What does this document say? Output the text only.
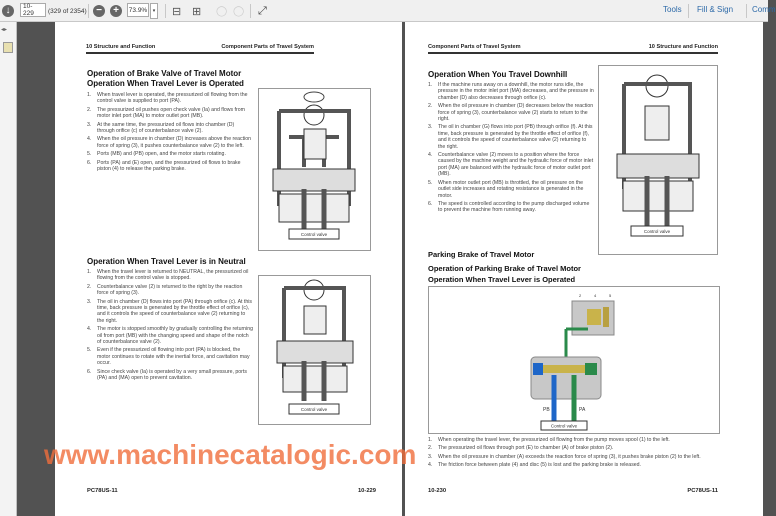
↓	10-229	(329 of 2354) −	+	73.9%	▾ ⊟ ⊞ ◯ ◯ ⤢	Tools Fill & Sign Comm
◂▸
10 Structure and Function	Component Parts of Travel System
Operation of Brake Valve of Travel Motor
Operation When Travel Lever is Operated
1.	When travel lever is operated, the pressurized oil flowing from the control valve is supplied to port (PA).
2.	The pressurized oil pushes open check valve (Ia) and flows from motor inlet port (MA) to motor outlet port (MB).
3.	At the same time, the pressurized oil flows into chamber (D) through orifice (c) of counterbalance valve (2).
4.	When the oil pressure in chamber (D) increases above the reaction force of spring (3), it pushes counterbalance valve (2) to the left.
5.	Ports (MB) and (PB) open, and the motor starts rotating.
6.	Ports (PA) and (E) open, and the pressurized oil flows to brake piston (4) to release the parking brake.
Control valve
Operation When Travel Lever is in Neutral
1.	When the travel lever is returned to NEUTRAL, the pressurized oil flowing from the control valve is stopped.
2.	Counterbalance valve (2) is returned to the right by the reaction force of spring (3).
3.	The oil in chamber (D) flows into port (PA) through orifice (c). At this time, back pressure is generated by the throttle effect of orifice (c), and it controls the speed of counterbalance valve (2) returning to the right.
4.	The motor is stopped smoothly by gradually controlling the returning oil from port (MB) with the changing speed and shape of the notch of counterbalance valve (2).
5.	Even if the pressurized oil flowing into port (PA) is blocked, the motor continues to rotate with the inertial force, and cavitation may occur.
6.	Since check valve (Ia) is operated by a very small pressure, ports (PA) and (MA) open to prevent cavitation.
Control valve
PC78US-11	10-229
Component Parts of Travel System	10 Structure and Function
Operation When You Travel Downhill
1.	If the machine runs away on a downhill, the motor runs idle, the pressure in the motor inlet port (MA) decreases, and the pressure in chamber (D) also decreases through orifice (c).
2.	When the oil pressure in chamber (D) decreases below the reaction force of spring (3), counterbalance valve (2) starts to return to the right.
3.	The oil in chamber (G) flows into port (PB) through orifice (f). At this time, back pressure is generated by the throttle effect of orifice (f), and it controls the speed of counterbalance valve (2) returning to the right.
4.	Counterbalance valve (2) moves to a position where the force caused by the machine weight and the hydraulic force of motor inlet port (MA) are balanced with the hydraulic force of motor outlet port (MB).
5.	When motor outlet port (MB) is throttled, the oil pressure on the outlet side increases and rotating resistance is generated in the motor.
6.	The speed is controlled according to the pump discharged volume to prevent the machine from running away.
Control valve
Parking Brake of Travel Motor
Operation of Parking Brake of Travel Motor
Operation When Travel Lever is Operated
PB	PA
Control valve
2	4	5
1.	When operating the travel lever, the pressurized oil flowing from the pump moves spool (1) to the left.
2.	The pressurized oil flows through port (E) to chamber (A) of brake piston (2).
3.	When the oil pressure in chamber (A) exceeds the reaction force of spring (3), it pushes brake piston (2) to the left.
4.	The friction force between plate (4) and disc (5) is lost and the parking brake is released.
10-230	PC78US-11
www.machinecatalogic.com
